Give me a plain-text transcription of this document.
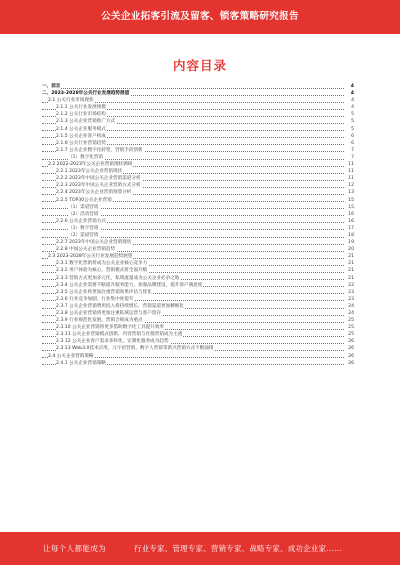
公关企业拓客引流及留客、锁客策略研究报告
内容目录
一、前言	4
二、2023-2028年公关行业发展趋势展望	4
2.1 公关行业市场现状	4
2.1.1 公关行业发展规模	4
2.1.2 公关行业市场结构	5
2.1.3 公关企业营销推广方式	5
2.1.4 公关企业服务模式	5
2.1.5 公关企业客户构成	6
2.1.6 公关行业营销趋势	6
2.1.7 公关企业数字化转型，营销手段创新	7
（1）数字化营销	7
2.2 2022-2023年公关企业营销现状调研	11
2.2.1 2023年公关企业营销现状	11
2.2.2 2023年中国公关企业营销渠道分析	11
2.2.3 2023年中国公关企业营销方式分析	12
2.2.4 2023年公关企业营销预算分析	13
2.2.5 TOP30公关企业营销	15
（1）渠道营销	15
（2）活动营销	16
2.2.6 公关企业营销方式	16
（1）数字营销	17
（2）渠道营销	18
2.2.7 2023年中国公关企业营销现状	19
2.2.8 中国公关企业营销趋势	20
2.3 2023-2028年公关行业发展趋势展望	21
2.3.1 数字化营销将成为公关企业核心竞争力	21
2.3.2 用户体验为核心，营销模式将全面升级	21
2.3.3 营销方式更加多元化，私域流量成为公关企业必争之地	21
2.3.4 公关企业需要不断提升服务能力，加强品牌建设，提升客户满意度	22
2.3.5 公关企业将更加注重营销效果评估与优化	23
2.3.6 行业竞争加剧，行业集中度提升	23
2.3.7 公关企业营销费用投入将持续增长，营销渠道更加精细化	24
2.3.8 公关企业营销将更加注重私域运营与客户留存	24
2.3.9 行业规范化发展，营销合规成为重点	25
2.3.10 公关企业营销将更多借助数字化工具提升效率	25
2.3.11 公关企业营销模式创新，内容营销与社群营销成为主流	25
2.3.12 公关企业客户需求多样化，定制化服务成为趋势	26
2.3.13 Web3.0技术应用，元宇宙营销，数字人营销等新兴营销方式不断涌现	26
2.4 公关企业营销策略	26
2.4.1 公关企业营销策略	26
让每个人都能成为	行业专家、管理专家、营销专家、战略专家、成功企业家……
